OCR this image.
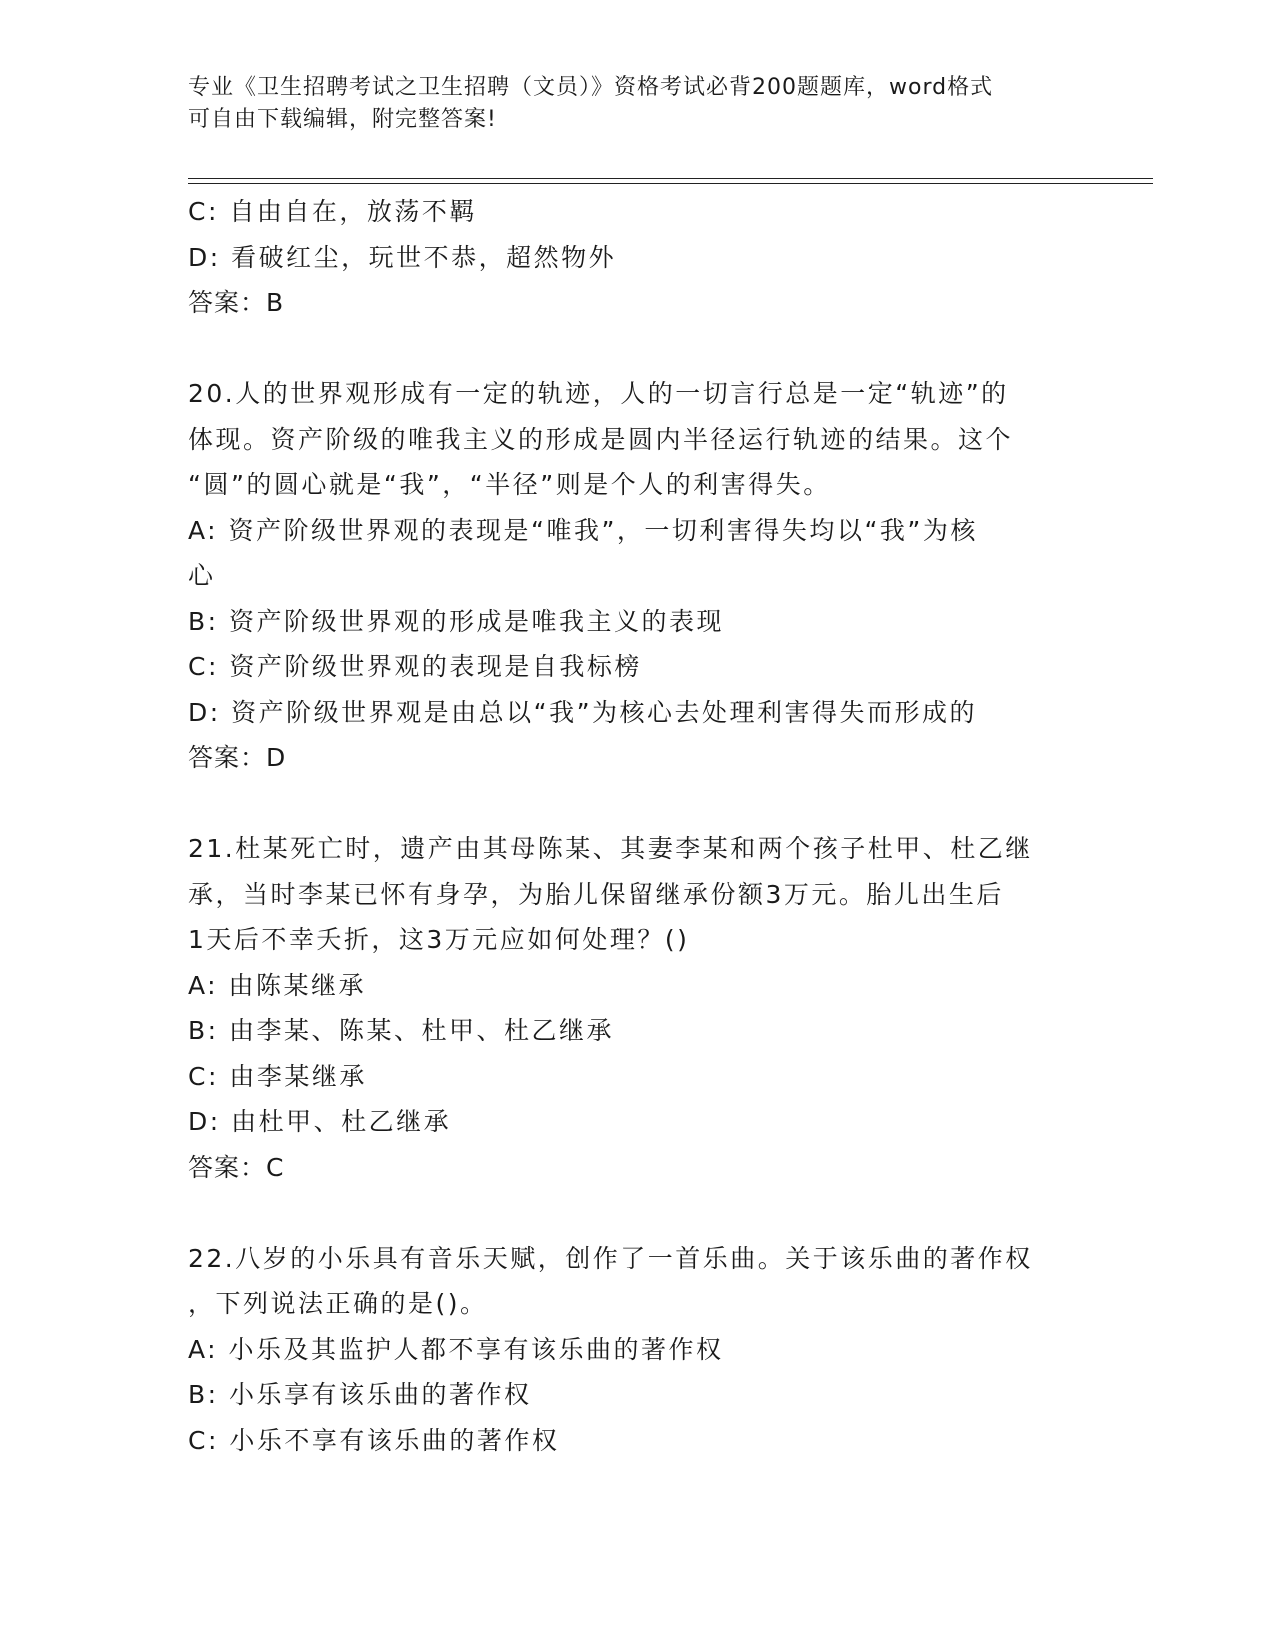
专业《卫生招聘考试之卫生招聘（文员）》资格考试必背200题题库，word格式
可自由下载编辑，附完整答案!
C: 自由自在，放荡不羁
D: 看破红尘，玩世不恭，超然物外
答案：B
20.人的世界观形成有一定的轨迹，人的一切言行总是一定“轨迹”的
体现。资产阶级的唯我主义的形成是圆内半径运行轨迹的结果。这个
“圆”的圆心就是“我”，“半径”则是个人的利害得失。
A: 资产阶级世界观的表现是“唯我”，一切利害得失均以“我”为核
心
B: 资产阶级世界观的形成是唯我主义的表现
C: 资产阶级世界观的表现是自我标榜
D: 资产阶级世界观是由总以“我”为核心去处理利害得失而形成的
答案：D
21.杜某死亡时，遗产由其母陈某、其妻李某和两个孩子杜甲、杜乙继
承，当时李某已怀有身孕，为胎儿保留继承份额3万元。胎儿出生后
1天后不幸夭折，这3万元应如何处理？()
A: 由陈某继承
B: 由李某、陈某、杜甲、杜乙继承
C: 由李某继承
D: 由杜甲、杜乙继承
答案：C
22.八岁的小乐具有音乐天赋，创作了一首乐曲。关于该乐曲的著作权
，下列说法正确的是()。
A: 小乐及其监护人都不享有该乐曲的著作权
B: 小乐享有该乐曲的著作权
C: 小乐不享有该乐曲的著作权
